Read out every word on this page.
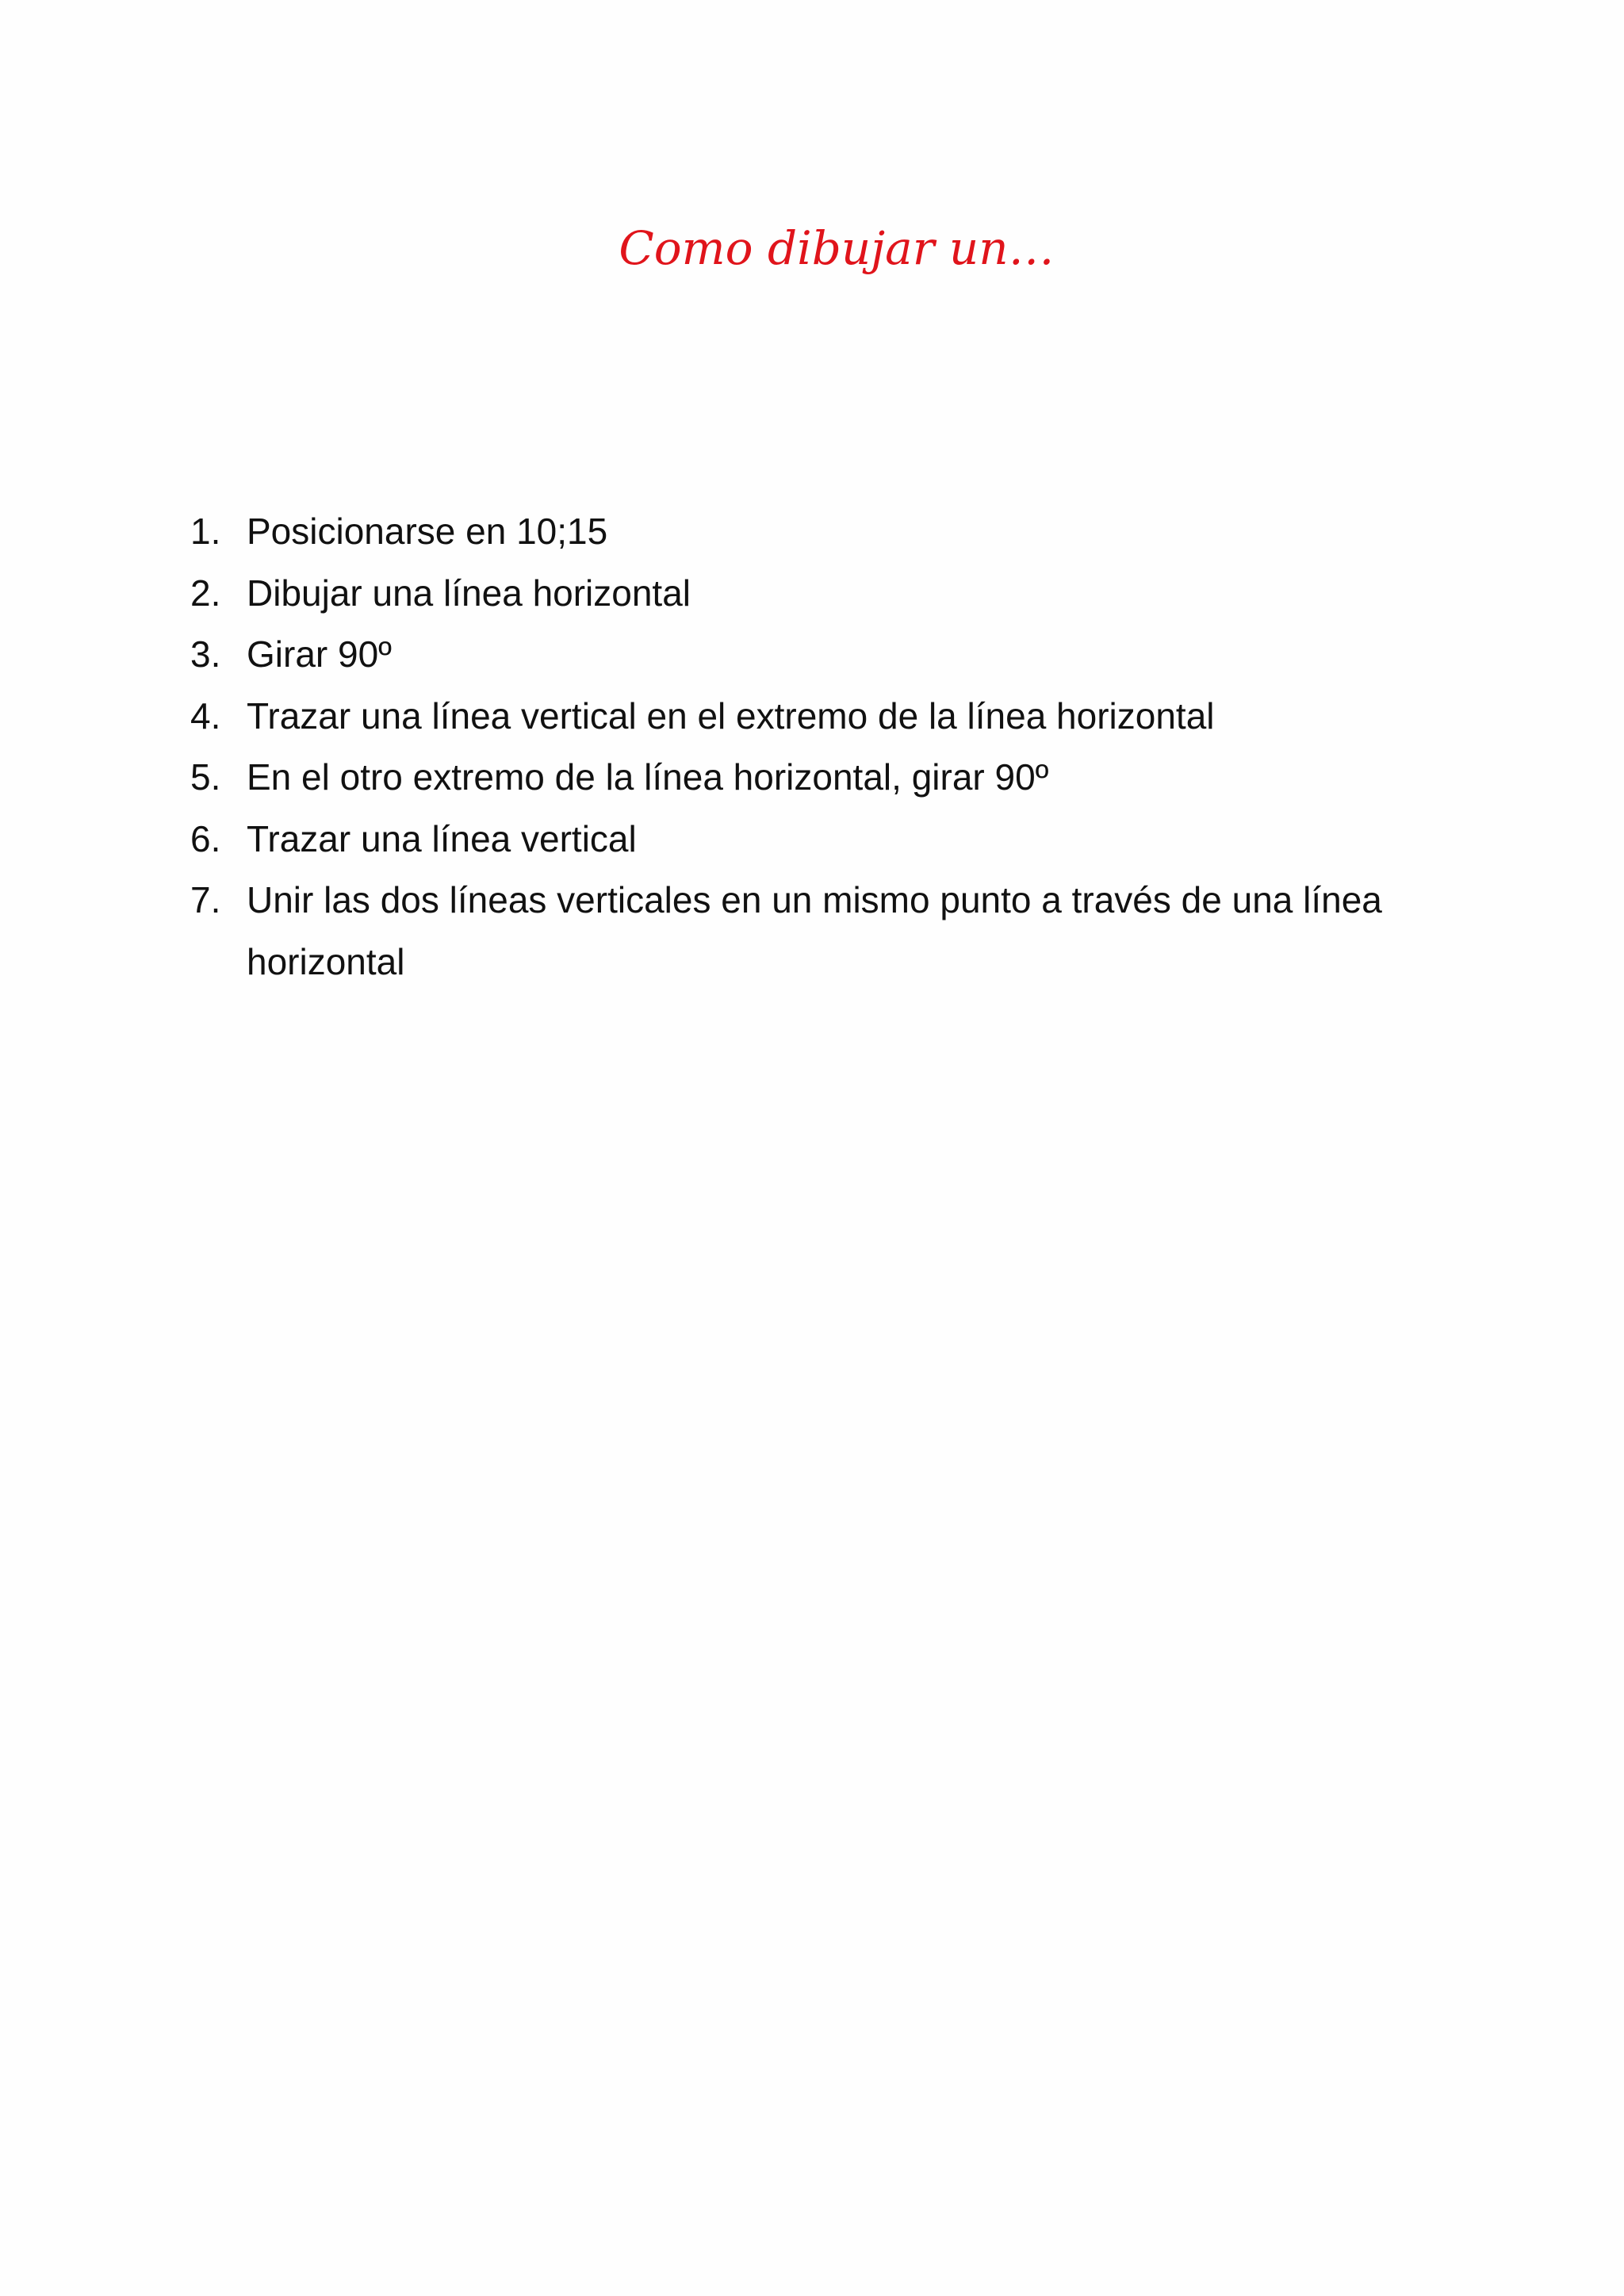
Como dibujar un…
1. Posicionarse en 10;15
2. Dibujar una línea horizontal
3. Girar 90º
4. Trazar una línea vertical en el extremo de la línea horizontal
5. En el otro extremo de la línea horizontal, girar 90º
6. Trazar una línea vertical
7. Unir las dos líneas verticales en un mismo punto a través de una línea horizontal
